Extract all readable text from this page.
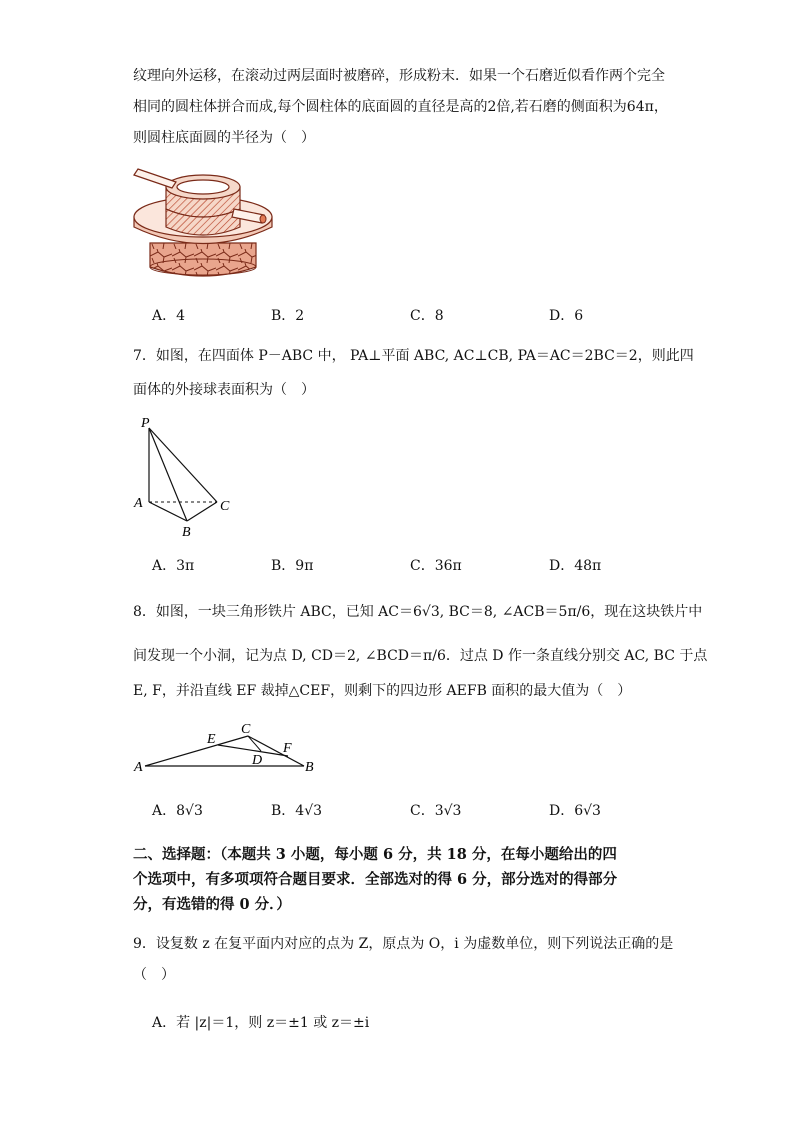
纹理向外运移，在滚动过两层面时被磨碎，形成粉末．如果一个石磨近似看作两个完全
相同的圆柱体拼合而成,每个圆柱体的底面圆的直径是高的2倍,若石磨的侧面积为64π，
则圆柱底面圆的半径为（　）
A．4	B．2	C．8	D．6
7．如图，在四面体 P－ABC 中， PA⊥平面 ABC, AC⊥CB, PA＝AC＝2BC＝2，则此四
面体的外接球表面积为（　）
P
A
B
C
A．3π	B．9π	C．36π	D．48π
8．如图，一块三角形铁片 ABC，已知 AC＝6√3, BC＝8, ∠ACB＝5π/6，现在这块铁片中
间发现一个小洞，记为点 D, CD＝2, ∠BCD＝π/6．过点 D 作一条直线分别交 AC, BC 于点
E, F，并沿直线 EF 裁掉△CEF，则剩下的四边形 AEFB 面积的最大值为（　）
A	B
C
D
E
F
A．8√3	B．4√3	C．3√3	D．6√3
二、选择题：（本题共 3 小题，每小题 6 分，共 18 分，在每小题给出的四
个选项中，有多项项符合题目要求．全部选对的得 6 分，部分选对的得部分
分，有选错的得 0 分．）
9．设复数 z 在复平面内对应的点为 Z，原点为 O，i 为虚数单位，则下列说法正确的是
（　）
A．若 |z|＝1，则 z＝±1 或 z＝±i
